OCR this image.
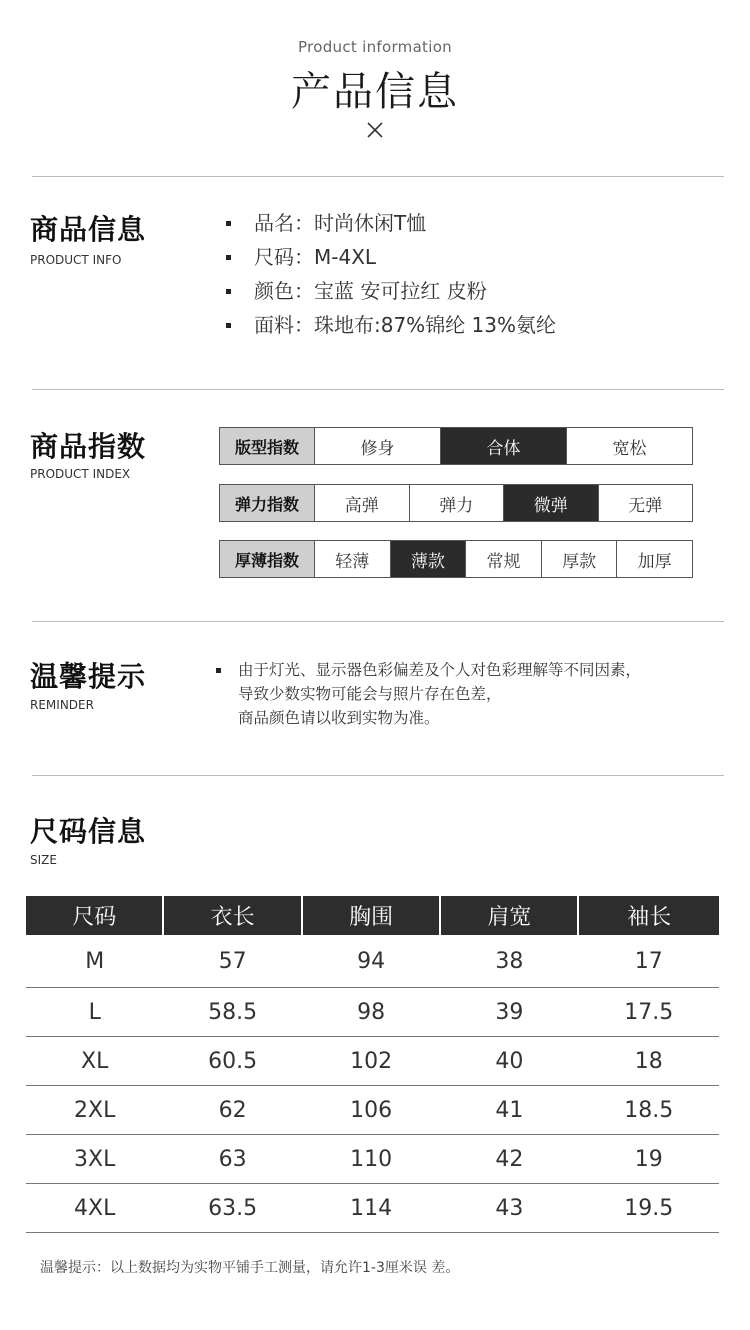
Product information
产品信息
商品信息
PRODUCT INFO
品名：时尚休闲T恤
尺码：M-4XL
颜色：宝蓝 安可拉红 皮粉
面料：珠地布:87%锦纶 13%氨纶
商品指数
PRODUCT INDEX
版型指数	修身	合体	宽松
弹力指数	高弹	弹力	微弹	无弹
厚薄指数	轻薄	薄款	常规	厚款	加厚
温馨提示
REMINDER
由于灯光、显示器色彩偏差及个人对色彩理解等不同因素，
导致少数实物可能会与照片存在色差，
商品颜色请以收到实物为准。
尺码信息
SIZE
尺码	衣长	胸围	肩宽	袖长
M	57	94	38	17
L	58.5	98	39	17.5
XL	60.5	102	40	18
2XL	62	106	41	18.5
3XL	63	110	42	19
4XL	63.5	114	43	19.5
温馨提示：以上数据均为实物平铺手工测量，请允许1-3厘米误 差。
